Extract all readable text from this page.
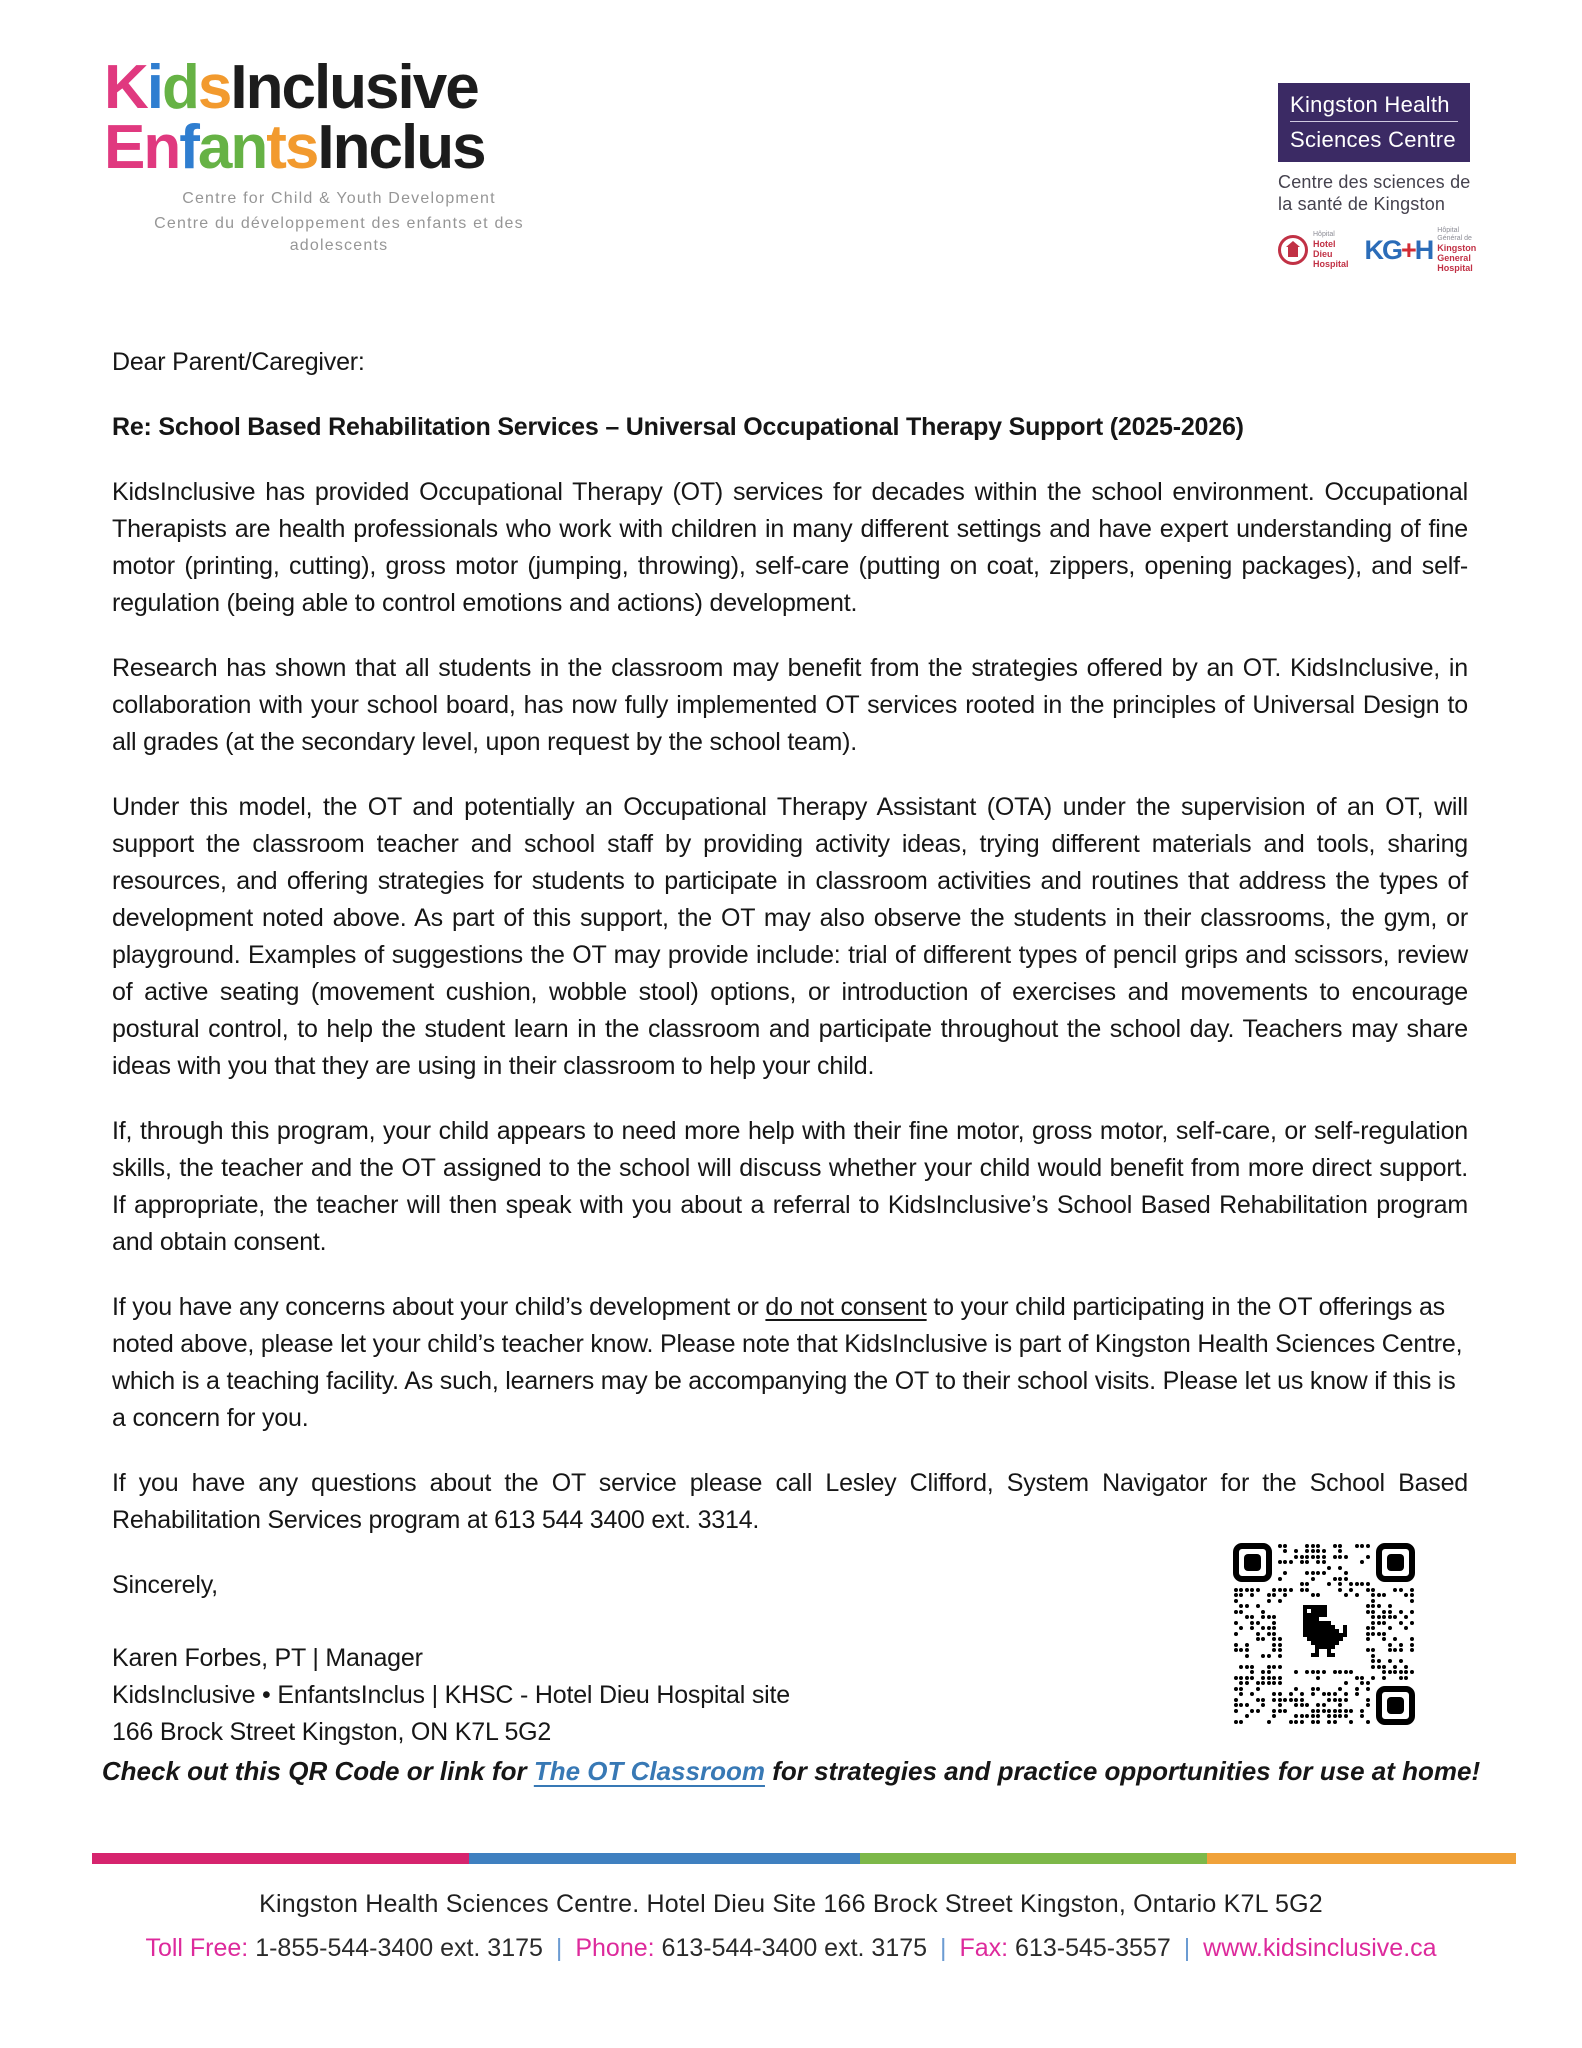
KidsInclusive
EnfantsInclus
Centre for Child & Youth Development
Centre du développement des enfants et des adolescents
Kingston Health
Sciences Centre
Centre des sciences de
la santé de Kingston
Hôpital
Hotel Dieu
Hospital KG+H
Hôpital Général de
Kingston General
Hospital

Dear Parent/Caregiver:

Re: School Based Rehabilitation Services – Universal Occupational Therapy Support (2025-2026)

KidsInclusive has provided Occupational Therapy (OT) services for decades within the school environment. Occupational Therapists are health professionals who work with children in many different settings and have expert understanding of fine motor (printing, cutting), gross motor (jumping, throwing), self-care (putting on coat, zippers, opening packages), and self-regulation (being able to control emotions and actions) development.

Research has shown that all students in the classroom may benefit from the strategies offered by an OT. KidsInclusive, in collaboration with your school board, has now fully implemented OT services rooted in the principles of Universal Design to all grades (at the secondary level, upon request by the school team).

Under this model, the OT and potentially an Occupational Therapy Assistant (OTA) under the supervision of an OT, will support the classroom teacher and school staff by providing activity ideas, trying different materials and tools, sharing resources, and offering strategies for students to participate in classroom activities and routines that address the types of development noted above. As part of this support, the OT may also observe the students in their classrooms, the gym, or playground. Examples of suggestions the OT may provide include: trial of different types of pencil grips and scissors, review of active seating (movement cushion, wobble stool) options, or introduction of exercises and movements to encourage postural control, to help the student learn in the classroom and participate throughout the school day. Teachers may share ideas with you that they are using in their classroom to help your child.

If, through this program, your child appears to need more help with their fine motor, gross motor, self-care, or self-regulation skills, the teacher and the OT assigned to the school will discuss whether your child would benefit from more direct support. If appropriate, the teacher will then speak with you about a referral to KidsInclusive’s School Based Rehabilitation program and obtain consent.

If you have any concerns about your child’s development or do not consent to your child participating in the OT offerings as noted above, please let your child’s teacher know. Please note that KidsInclusive is part of Kingston Health Sciences Centre, which is a teaching facility. As such, learners may be accompanying the OT to their school visits. Please let us know if this is a concern for you.

If you have any questions about the OT service please call Lesley Clifford, System Navigator for the School Based Rehabilitation Services program at 613 544 3400 ext. 3314.

Sincerely,

Karen Forbes, PT | Manager
KidsInclusive • EnfantsInclus | KHSC - Hotel Dieu Hospital site
166 Brock Street Kingston, ON K7L 5G2
Check out this QR Code or link for The OT Classroom for strategies and practice opportunities for use at home!
Kingston Health Sciences Centre. Hotel Dieu Site 166 Brock Street Kingston, Ontario K7L 5G2
Toll Free: 1-855-544-3400 ext. 3175 | Phone: 613-544-3400 ext. 3175 | Fax: 613-545-3557 | www.kidsinclusive.ca
